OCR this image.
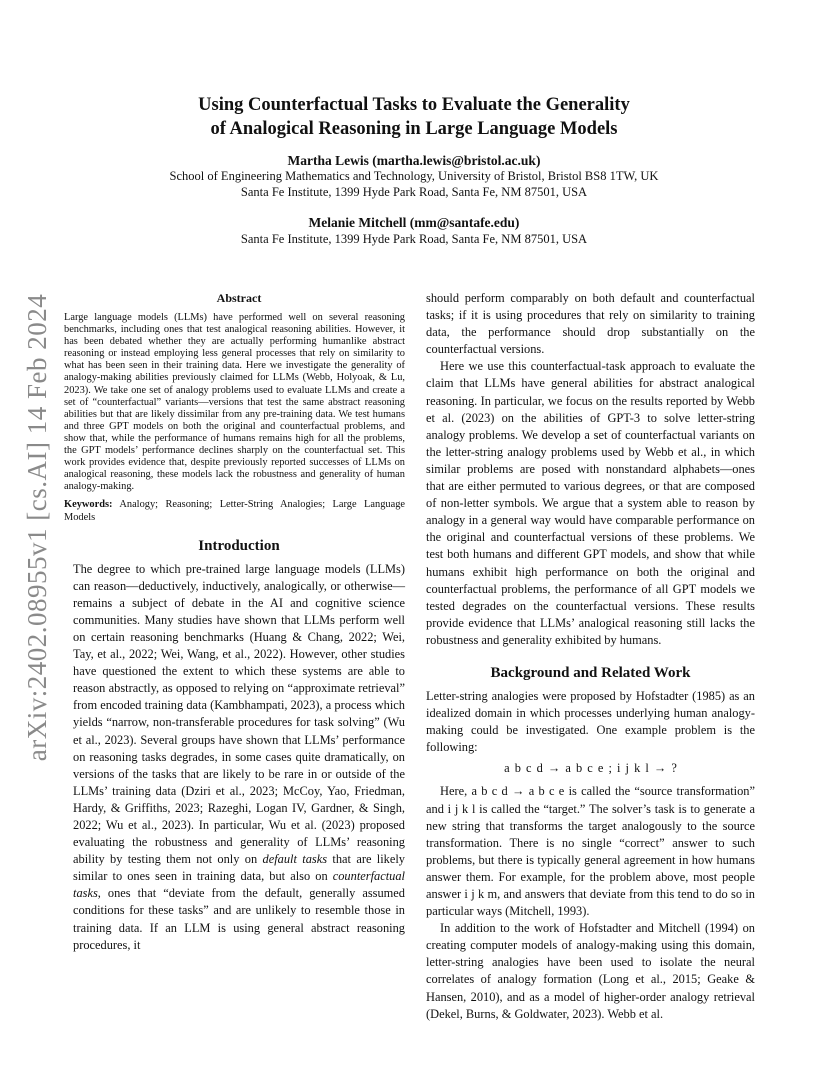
arXiv:2402.08955v1 [cs.AI] 14 Feb 2024
Using Counterfactual Tasks to Evaluate the Generality
of Analogical Reasoning in Large Language Models
Martha Lewis (martha.lewis@bristol.ac.uk)
School of Engineering Mathematics and Technology, University of Bristol, Bristol BS8 1TW, UK
Santa Fe Institute, 1399 Hyde Park Road, Santa Fe, NM 87501, USA
Melanie Mitchell (mm@santafe.edu)
Santa Fe Institute, 1399 Hyde Park Road, Santa Fe, NM 87501, USA
Abstract

Large language models (LLMs) have performed well on several reasoning benchmarks, including ones that test analogical reasoning abilities. However, it has been debated whether they are actually performing humanlike abstract reasoning or instead employing less general processes that rely on similarity to what has been seen in their training data. Here we investigate the generality of analogy-making abilities previously claimed for LLMs (Webb, Holyoak, & Lu, 2023). We take one set of analogy problems used to evaluate LLMs and create a set of “counterfactual” variants—versions that test the same abstract reasoning abilities but that are likely dissimilar from any pre-training data. We test humans and three GPT models on both the original and counterfactual problems, and show that, while the performance of humans remains high for all the problems, the GPT models’ performance declines sharply on the counterfactual set. This work provides evidence that, despite previously reported successes of LLMs on analogical reasoning, these models lack the robustness and generality of human analogy-making.

Keywords: Analogy; Reasoning; Letter-String Analogies; Large Language Models

Introduction

The degree to which pre-trained large language models (LLMs) can reason—deductively, inductively, analogically, or otherwise—remains a subject of debate in the AI and cognitive science communities. Many studies have shown that LLMs perform well on certain reasoning benchmarks (Huang & Chang, 2022; Wei, Tay, et al., 2022; Wei, Wang, et al., 2022). However, other studies have questioned the extent to which these systems are able to reason abstractly, as opposed to relying on “approximate retrieval” from encoded training data (Kambhampati, 2023), a process which yields “narrow, non-transferable procedures for task solving” (Wu et al., 2023). Several groups have shown that LLMs’ performance on reasoning tasks degrades, in some cases quite dramatically, on versions of the tasks that are likely to be rare in or outside of the LLMs’ training data (Dziri et al., 2023; McCoy, Yao, Friedman, Hardy, & Griffiths, 2023; Razeghi, Logan IV, Gardner, & Singh, 2022; Wu et al., 2023). In particular, Wu et al. (2023) proposed evaluating the robustness and generality of LLMs’ reasoning ability by testing them not only on default tasks that are likely similar to ones seen in training data, but also on counterfactual tasks, ones that “deviate from the default, generally assumed conditions for these tasks” and are unlikely to resemble those in training data. If an LLM is using general abstract reasoning procedures, it

should perform comparably on both default and counterfactual tasks; if it is using procedures that rely on similarity to training data, the performance should drop substantially on the counterfactual versions.

Here we use this counterfactual-task approach to evaluate the claim that LLMs have general abilities for abstract analogical reasoning. In particular, we focus on the results reported by Webb et al. (2023) on the abilities of GPT-3 to solve letter-string analogy problems. We develop a set of counterfactual variants on the letter-string analogy problems used by Webb et al., in which similar problems are posed with nonstandard alphabets—ones that are either permuted to various degrees, or that are composed of non-letter symbols. We argue that a system able to reason by analogy in a general way would have comparable performance on the original and counterfactual versions of these problems. We test both humans and different GPT models, and show that while humans exhibit high performance on both the original and counterfactual problems, the performance of all GPT models we tested degrades on the counterfactual versions. These results provide evidence that LLMs’ analogical reasoning still lacks the robustness and generality exhibited by humans.

Background and Related Work

Letter-string analogies were proposed by Hofstadter (1985) as an idealized domain in which processes underlying human analogy-making could be investigated. One example problem is the following:

a b c d → a b c e ; i j k l → ?

Here, a b c d → a b c e is called the “source transformation” and i j k l is called the “target.” The solver’s task is to generate a new string that transforms the target analogously to the source transformation. There is no single “correct” answer to such problems, but there is typically general agreement in how humans answer them. For example, for the problem above, most people answer i j k m, and answers that deviate from this tend to do so in particular ways (Mitchell, 1993).

In addition to the work of Hofstadter and Mitchell (1994) on creating computer models of analogy-making using this domain, letter-string analogies have been used to isolate the neural correlates of analogy formation (Long et al., 2015; Geake & Hansen, 2010), and as a model of higher-order analogy retrieval (Dekel, Burns, & Goldwater, 2023). Webb et al.
